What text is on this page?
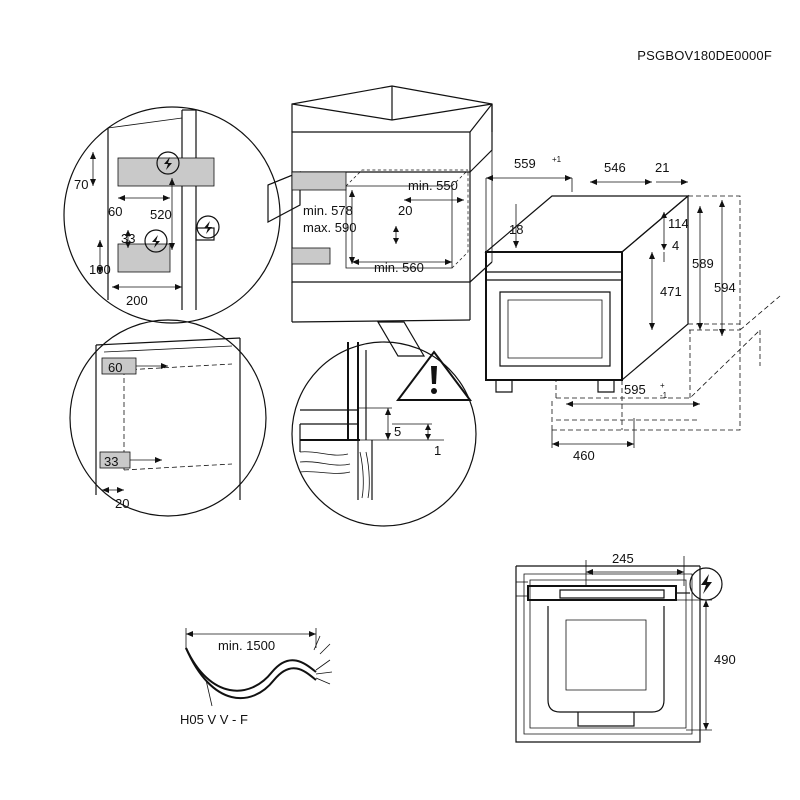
PSGBOV180DE0000F
70
60 520
33
100
200
60
33
20
min. 578
max. 590
min. 550
20
min. 560
559 +1
546 21
18	114
4
589
594
471
595 +
-1
460
5
1
245
490
min. 1500
H05 V V - F
